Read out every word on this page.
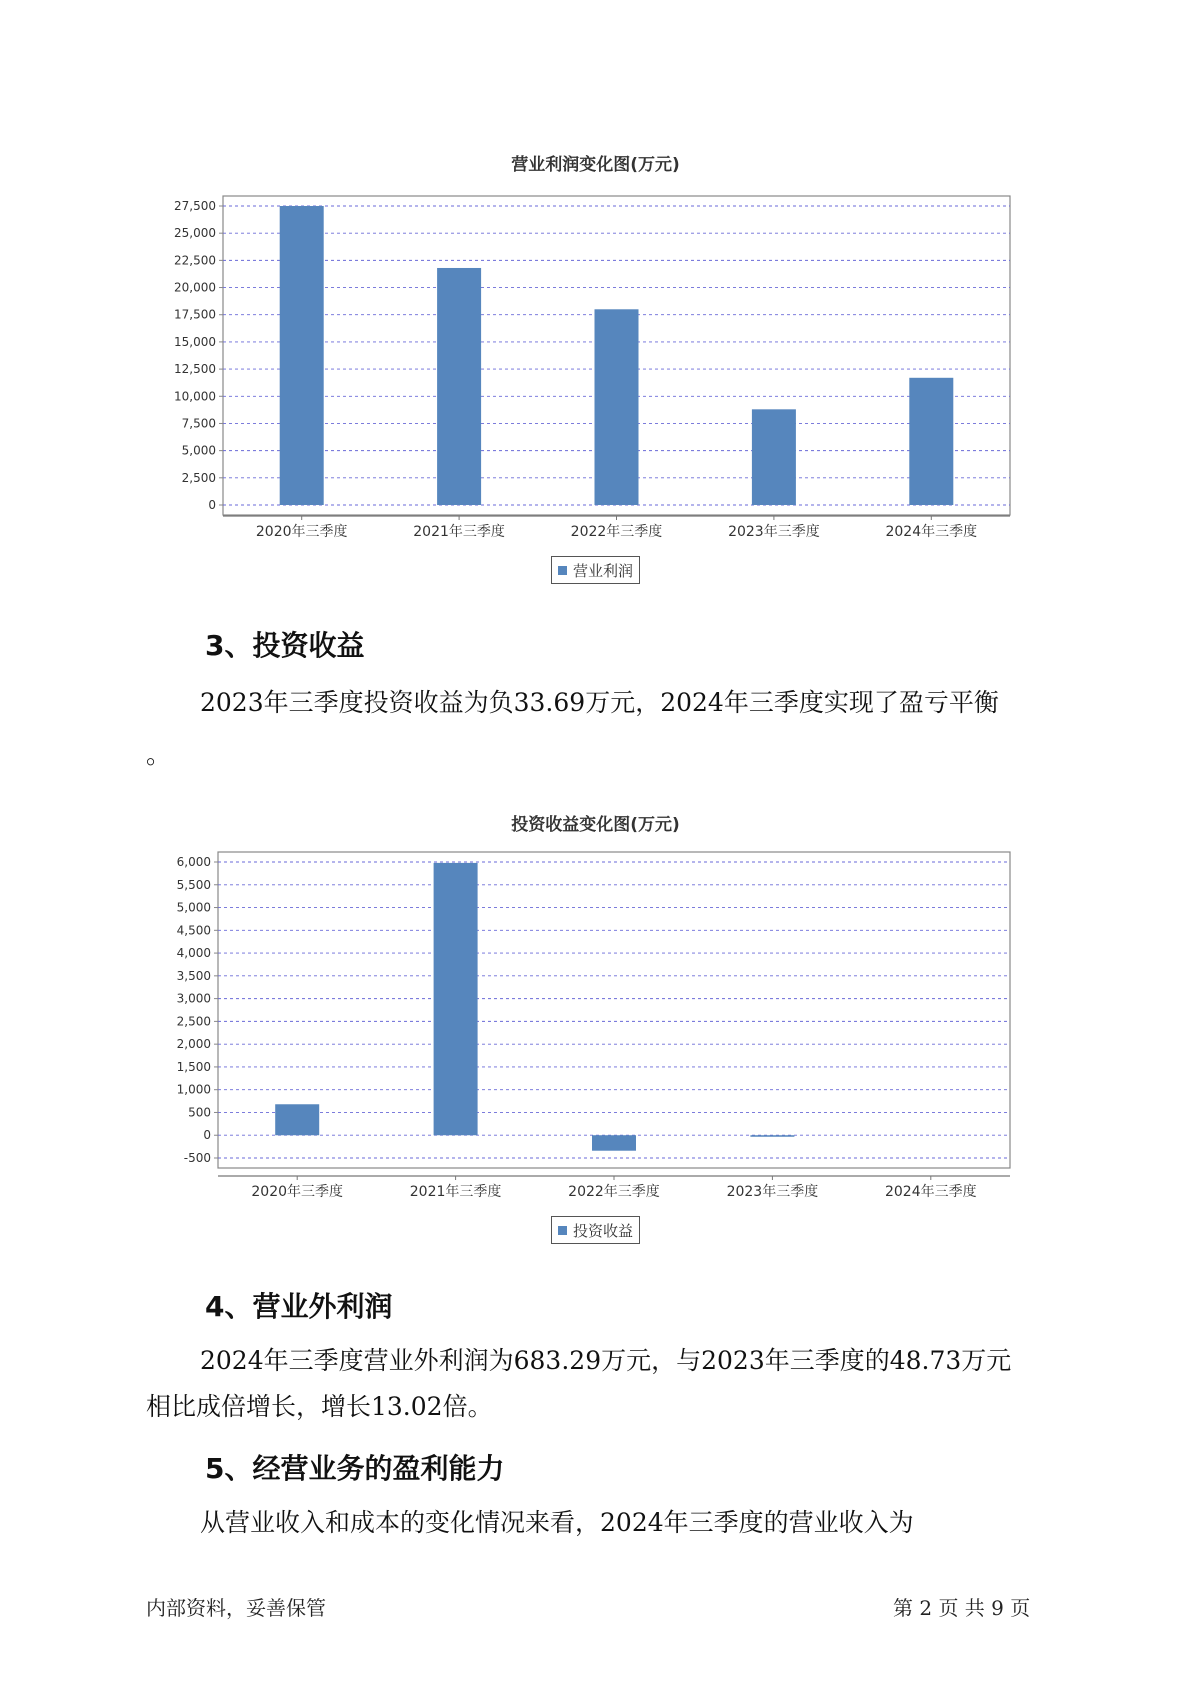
营业利润变化图(万元)
0
2,500
5,000
7,500
10,000
12,500
15,000
17,500
20,000
22,500
25,000
27,500
2020年三季度	2021年三季度	2022年三季度	2023年三季度	2024年三季度
营业利润
3、投资收益
2023年三季度投资收益为负33.69万元，2024年三季度实现了盈亏平衡
。
投资收益变化图(万元)
-500
0
500
1,000
1,500
2,000
2,500
3,000
3,500
4,000
4,500
5,000
5,500
6,000
2020年三季度	2021年三季度	2022年三季度	2023年三季度	2024年三季度
投资收益
4、营业外利润
2024年三季度营业外利润为683.29万元，与2023年三季度的48.73万元
相比成倍增长，增长13.02倍。
5、经营业务的盈利能力
从营业收入和成本的变化情况来看，2024年三季度的营业收入为
内部资料，妥善保管	第 2 页 共 9 页
